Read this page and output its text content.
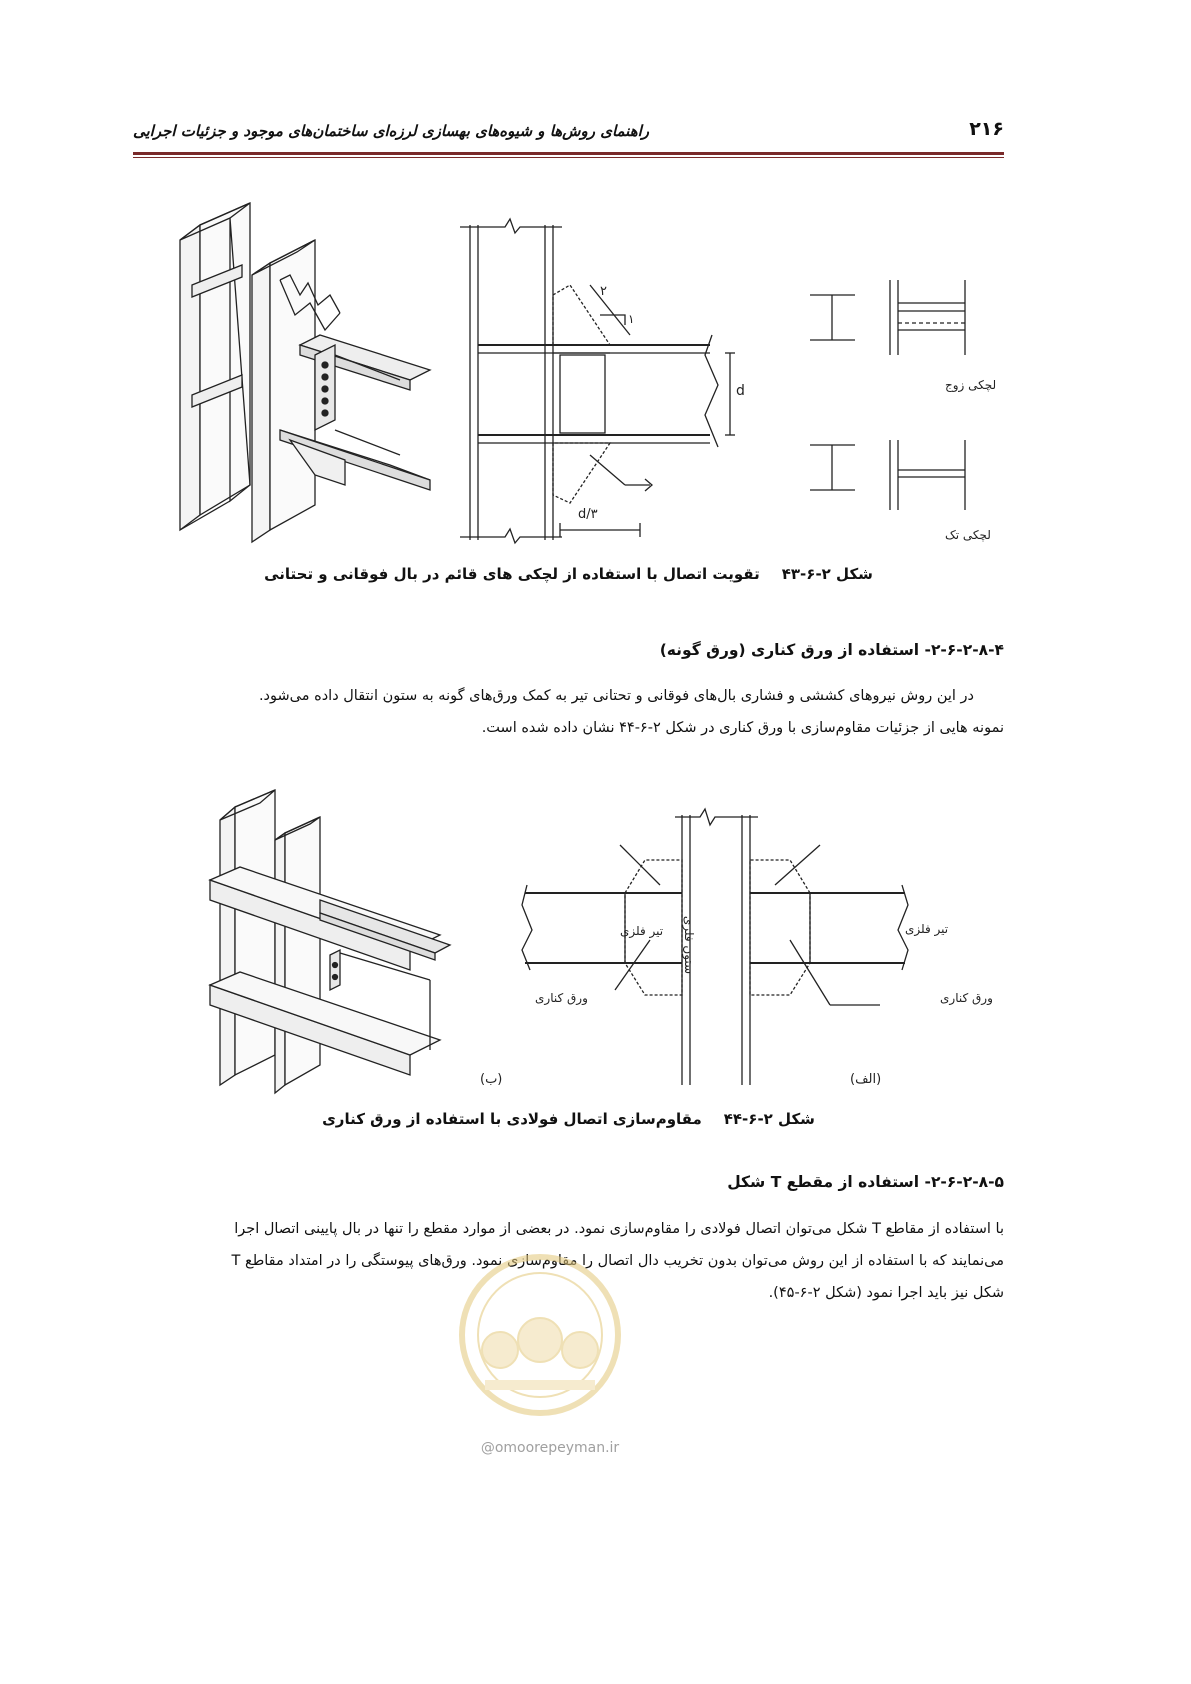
۲۱۶
راهنمای روش‌ها و شیوه‌های بهسازی لرزه‌ای ساختمان‌های موجود و جزئیات اجرایی
۲
۱
d
d/۳
لچکی زوج
لچکی تک
شکل ۲-۶-۴۳تقویت اتصال با استفاده از لچکی های قائم در بال فوقانی و تحتانی
۲-۶-۲-۸-۴- استفاده از ورق کناری (ورق گونه)

در این روش نیروهای کششی و فشاری بال‌های فوقانی و تحتانی تیر به کمک ورق‌های گونه به ستون انتقال داده می‌شود.

نمونه هایی از جزئیات مقاوم‌سازی با ورق کناری در شکل ۲-۶-۴۴ نشان داده شده است.

تیر فلزی	تیر فلزی
ستون فلزی
ورق کناری	ورق کناری
(الف)
(ب)
شکل ۲-۶-۴۴مقاوم‌سازی اتصال فولادی با استفاده از ورق کناری
۲-۶-۲-۸-۵- استفاده از مقطع T شکل

با استفاده از مقاطع T شکل می‌توان اتصال فولادی را مقاوم‌سازی نمود. در بعضی از موارد مقطع را تنها در بال پایینی اتصال اجرا

می‌نمایند که با استفاده از این روش می‌توان بدون تخریب دال اتصال را مقاوم‌سازی نمود. ورق‌های پیوستگی را در امتداد مقاطع T

شکل نیز باید اجرا نمود (شکل ۲-۶-۴۵).

@omoorepeyman.ir
